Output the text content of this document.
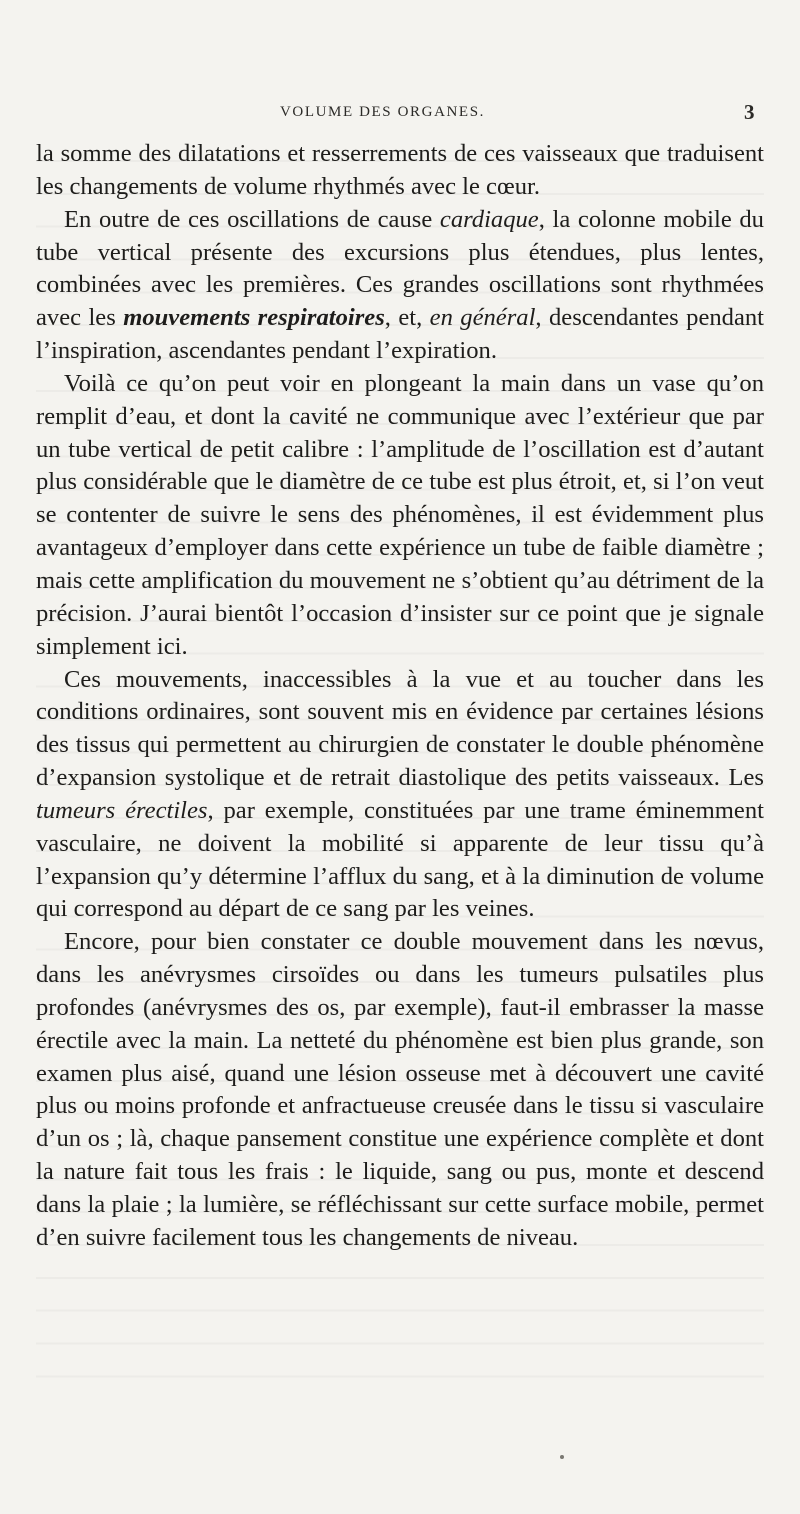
VOLUME DES ORGANES.	3

la somme des dilatations et resserrements de ces vaisseaux que traduisent les changements de volume rhythmés avec le cœur.

En outre de ces oscillations de cause cardiaque, la colonne mobile du tube vertical présente des excursions plus étendues, plus lentes, combinées avec les premières. Ces grandes oscillations sont rhythmées avec les mouvements respiratoires, et, en général, descendantes pendant l’inspiration, ascendantes pendant l’expiration.

Voilà ce qu’on peut voir en plongeant la main dans un vase qu’on remplit d’eau, et dont la cavité ne communique avec l’extérieur que par un tube vertical de petit calibre : l’amplitude de l’oscillation est d’autant plus considérable que le diamètre de ce tube est plus étroit, et, si l’on veut se contenter de suivre le sens des phénomènes, il est évidemment plus avantageux d’employer dans cette expérience un tube de faible diamètre ; mais cette amplification du mouvement ne s’obtient qu’au détriment de la précision. J’aurai bientôt l’occasion d’insister sur ce point que je signale simplement ici.

Ces mouvements, inaccessibles à la vue et au toucher dans les conditions ordinaires, sont souvent mis en évidence par certaines lésions des tissus qui permettent au chirurgien de constater le double phénomène d’expansion systolique et de retrait diastolique des petits vaisseaux. Les tumeurs érectiles, par exemple, constituées par une trame éminemment vasculaire, ne doivent la mobilité si apparente de leur tissu qu’à l’expansion qu’y détermine l’afflux du sang, et à la diminution de volume qui correspond au départ de ce sang par les veines.

Encore, pour bien constater ce double mouvement dans les nœvus, dans les anévrysmes cirsoïdes ou dans les tumeurs pulsatiles plus profondes (anévrysmes des os, par exemple), faut-il embrasser la masse érectile avec la main. La netteté du phénomène est bien plus grande, son examen plus aisé, quand une lésion osseuse met à découvert une cavité plus ou moins profonde et anfractueuse creusée dans le tissu si vasculaire d’un os ; là, chaque pansement constitue une expérience complète et dont la nature fait tous les frais : le liquide, sang ou pus, monte et descend dans la plaie ; la lumière, se réfléchissant sur cette surface mobile, permet d’en suivre facilement tous les changements de niveau.
